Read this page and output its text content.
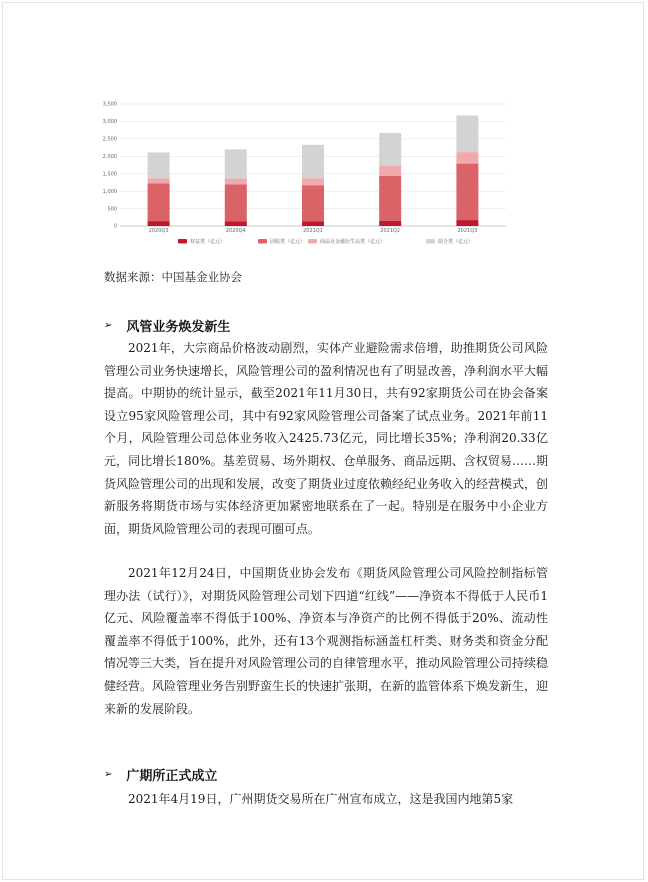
0
500
1,000
1,500
2,000
2,500
3,000
3,500
2020Q3	2020Q4	2021Q1	2021Q2	2021Q3
权益类（亿元）	固收类（亿元）	商品及金融衍生品类（亿元）	混合类（亿元）
数据来源：中国基金业协会
➢ 风管业务焕发新生

2021年，大宗商品价格波动剧烈，实体产业避险需求倍增，助推期货公司风险管理公司业务快速增长，风险管理公司的盈利情况也有了明显改善，净利润水平大幅提高。中期协的统计显示，截至2021年11月30日，共有92家期货公司在协会备案设立95家风险管理公司，其中有92家风险管理公司备案了试点业务。2021年前11个月，风险管理公司总体业务收入2425.73亿元，同比增长35%；净利润20.33亿元，同比增长180%。基差贸易、场外期权、仓单服务、商品远期、含权贸易……期货风险管理公司的出现和发展，改变了期货业过度依赖经纪业务收入的经营模式，创新服务将期货市场与实体经济更加紧密地联系在了一起。特别是在服务中小企业方面，期货风险管理公司的表现可圈可点。

2021年12月24日，中国期货业协会发布《期货风险管理公司风险控制指标管理办法（试行）》，对期货风险管理公司划下四道“红线”——净资本不得低于人民币1亿元、风险覆盖率不得低于100%、净资本与净资产的比例不得低于20%、流动性覆盖率不得低于100%，此外，还有13个观测指标涵盖杠杆类、财务类和资金分配情况等三大类，旨在提升对风险管理公司的自律管理水平，推动风险管理公司持续稳健经营。风险管理业务告别野蛮生长的快速扩张期，在新的监管体系下焕发新生，迎来新的发展阶段。

➢ 广期所正式成立

2021年4月19日，广州期货交易所在广州宣布成立，这是我国内地第5家
